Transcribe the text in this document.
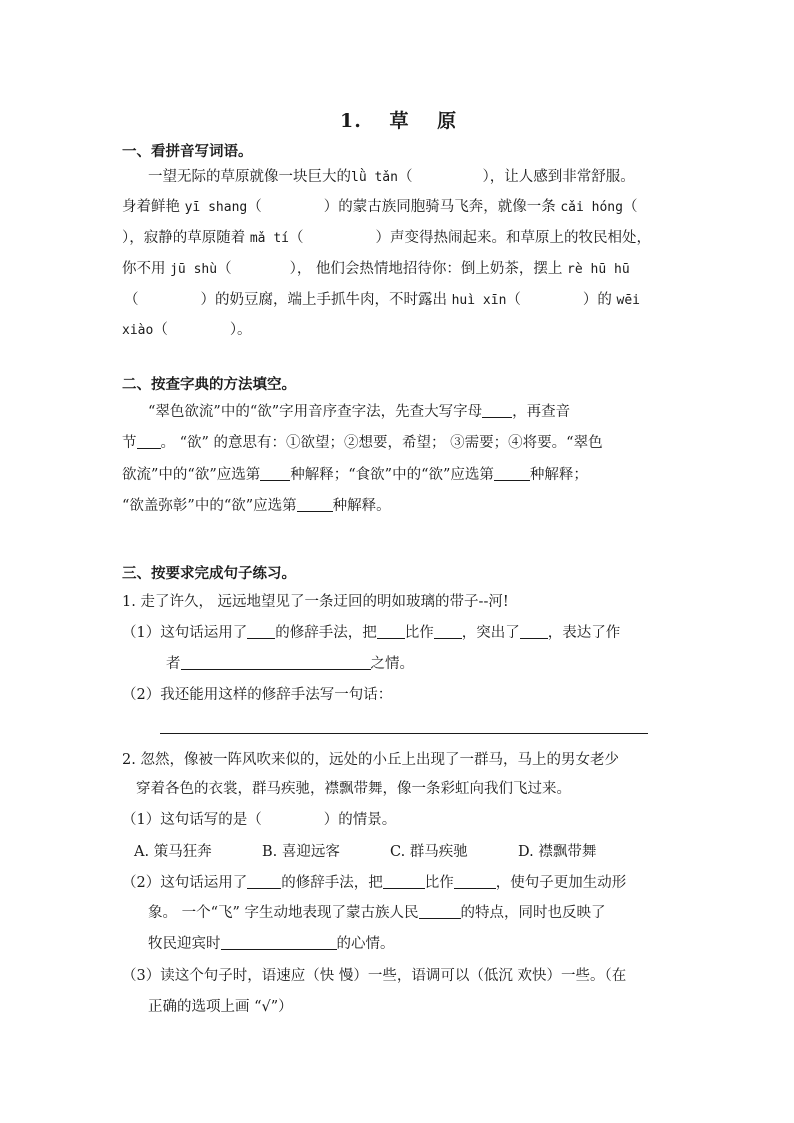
1.　 草 　原
一、看拼音写词语。
一望无际的草原就像一块巨大的lǜ tǎn（	），让人感到非常舒服。
身着鲜艳 yī shang（	）的蒙古族同胞骑马飞奔，就像一条 cǎi hóng（
），寂静的草原随着 mǎ tí（	）声变得热闹起来。和草原上的牧民相处，
你不用 jū shù（	）， 他们会热情地招待你：倒上奶茶，摆上 rè hū hū
（	）的奶豆腐，端上手抓牛肉，不时露出 huì xīn（	）的 wēi
xiào（	）。
二、按查字典的方法填空。
“翠色欲流”中的“欲”字用音序查字法，先查大写字母 ，再查音
节 。 “欲” 的意思有：①欲望；②想要，希望； ③需要；④将要。“翠色
欲流”中的“欲”应选第 种解释；“食欲”中的“欲”应选第 种解释；
“欲盖弥彰”中的“欲”应选第 种解释。
三、按要求完成句子练习。
1. 走了许久， 远远地望见了一条迂回的明如玻璃的带子--河!
（1）这句话运用了 的修辞手法，把 比作 ，突出了 ，表达了作
者	之情。
（2）我还能用这样的修辞手法写一句话：
2. 忽然，像被一阵风吹来似的，远处的小丘上出现了一群马，马上的男女老少
穿着各色的衣裳，群马疾驰，襟飘带舞，像一条彩虹向我们飞过来。
（1）这句话写的是（	）的情景。
A. 策马狂奔	B. 喜迎远客	C. 群马疾驰	D. 襟飘带舞
（2）这句话运用了 的修辞手法，把	比作	，使句子更加生动形
象。 一个“飞” 字生动地表现了蒙古族人民	的特点，同时也反映了
牧民迎宾时	的心情。
（3）读这个句子时，语速应（快 慢）一些，语调可以（低沉 欢快）一些。（在
正确的选项上画 “√”）
